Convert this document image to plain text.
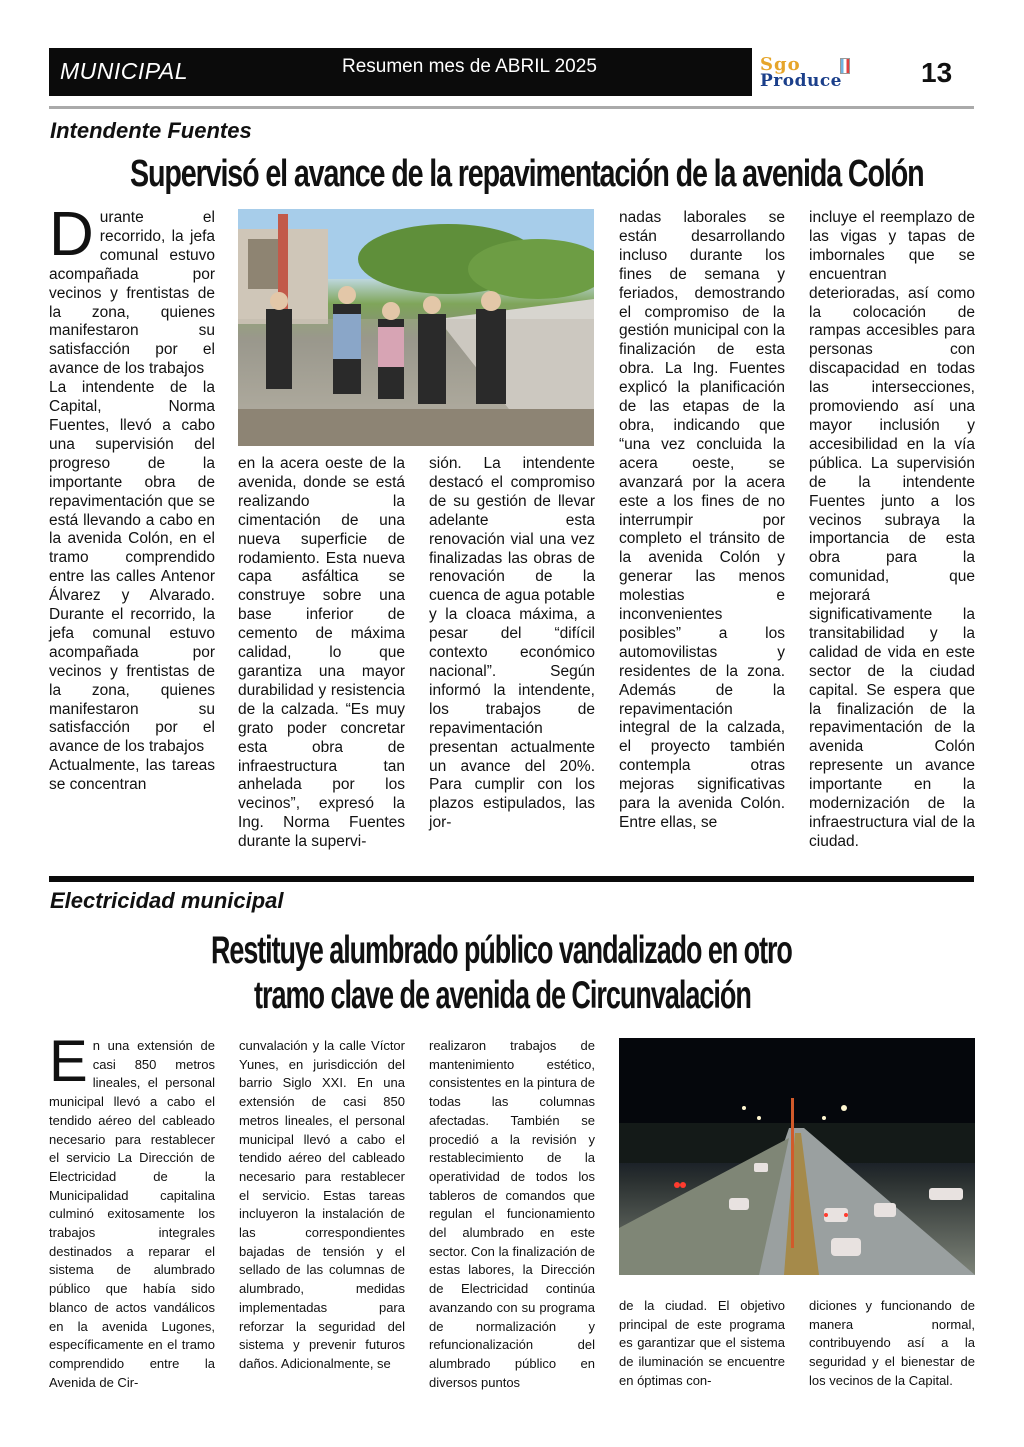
MUNICIPAL	Resumen mes de ABRIL 2025	Sgo
Produce	13
Intendente Fuentes
Supervisó el avance de la repavimentación de la avenida Colón
Durante el recorrido, la jefa comunal estuvo acompañada por vecinos y frentistas de la zona, quienes manifestaron su satisfacción por el avance de los trabajos
La intendente de la Capital, Norma Fuentes, llevó a cabo una supervisión del progreso de la importante obra de repavimentación que se está llevando a cabo en la avenida Colón, en el tramo comprendido entre las calles Antenor Álvarez y Alvarado. Durante el recorrido, la jefa comunal estuvo acompañada por vecinos y frentistas de la zona, quienes manifestaron su satisfacción por el avance de los trabajos
Actualmente, las tareas se concentran
en la acera oeste de la avenida, donde se está realizando la cimentación de una nueva superficie de rodamiento. Esta nueva capa asfáltica se construye sobre una base inferior de cemento de máxima calidad, lo que garantiza una mayor durabilidad y resistencia de la calzada. “Es muy grato poder concretar esta obra de infraestructura tan anhelada por los vecinos”, expresó la Ing. Norma Fuentes durante la supervi-
sión. La intendente destacó el compromiso de su gestión de llevar adelante esta renovación vial una vez finalizadas las obras de renovación de la cuenca de agua potable y la cloaca máxima, a pesar del “difícil contexto económico nacional”. Según informó la intendente, los trabajos de repavimentación presentan actualmente un avance del 20%. Para cumplir con los plazos estipulados, las jor-
nadas laborales se están desarrollando incluso durante los fines de semana y feriados, demostrando el compromiso de la gestión municipal con la finalización de esta obra. La Ing. Fuentes explicó la planificación de las etapas de la obra, indicando que “una vez concluida la acera oeste, se avanzará por la acera este a los fines de no interrumpir por completo el tránsito de la avenida Colón y generar las menos molestias e inconvenientes posibles” a los automovilistas y residentes de la zona. Además de la repavimentación integral de la calzada, el proyecto también contempla otras mejoras significativas para la avenida Colón. Entre ellas, se
incluye el reemplazo de las vigas y tapas de imbornales que se encuentran deterioradas, así como la colocación de rampas accesibles para personas con discapacidad en todas las intersecciones, promoviendo así una mayor inclusión y accesibilidad en la vía pública. La supervisión de la intendente Fuentes junto a los vecinos subraya la importancia de esta obra para la comunidad, que mejorará significativamente la transitabilidad y la calidad de vida en este sector de la ciudad capital. Se espera que la finalización de la repavimentación de la avenida Colón represente un avance importante en la modernización de la infraestructura vial de la ciudad.
Electricidad municipal
Restituye alumbrado público vandalizado en otro
tramo clave de avenida de Circunvalación
En una extensión de casi 850 metros lineales, el personal municipal llevó a cabo el tendido aéreo del cableado necesario para restablecer el servicio La Dirección de Electricidad de la Municipalidad capitalina culminó exitosamente los trabajos integrales destinados a reparar el sistema de alumbrado público que había sido blanco de actos vandálicos en la avenida Lugones, específicamente en el tramo comprendido entre la Avenida de Cir-
cunvalación y la calle Víctor Yunes, en jurisdicción del barrio Siglo XXI. En una extensión de casi 850 metros lineales, el personal municipal llevó a cabo el tendido aéreo del cableado necesario para restablecer el servicio. Estas tareas incluyeron la instalación de las correspondientes bajadas de tensión y el sellado de las columnas de alumbrado, medidas implementadas para reforzar la seguridad del sistema y prevenir futuros daños. Adicionalmente, se
realizaron trabajos de mantenimiento estético, consistentes en la pintura de todas las columnas afectadas. También se procedió a la revisión y restablecimiento de la operatividad de todos los tableros de comandos que regulan el funcionamiento del alumbrado en este sector. Con la finalización de estas labores, la Dirección de Electricidad continúa avanzando con su programa de normalización y refuncionalización del alumbrado público en diversos puntos
de la ciudad. El objetivo principal de este programa es garantizar que el sistema de iluminación se encuentre en óptimas con-
diciones y funcionando de manera normal, contribuyendo así a la seguridad y el bienestar de los vecinos de la Capital.
